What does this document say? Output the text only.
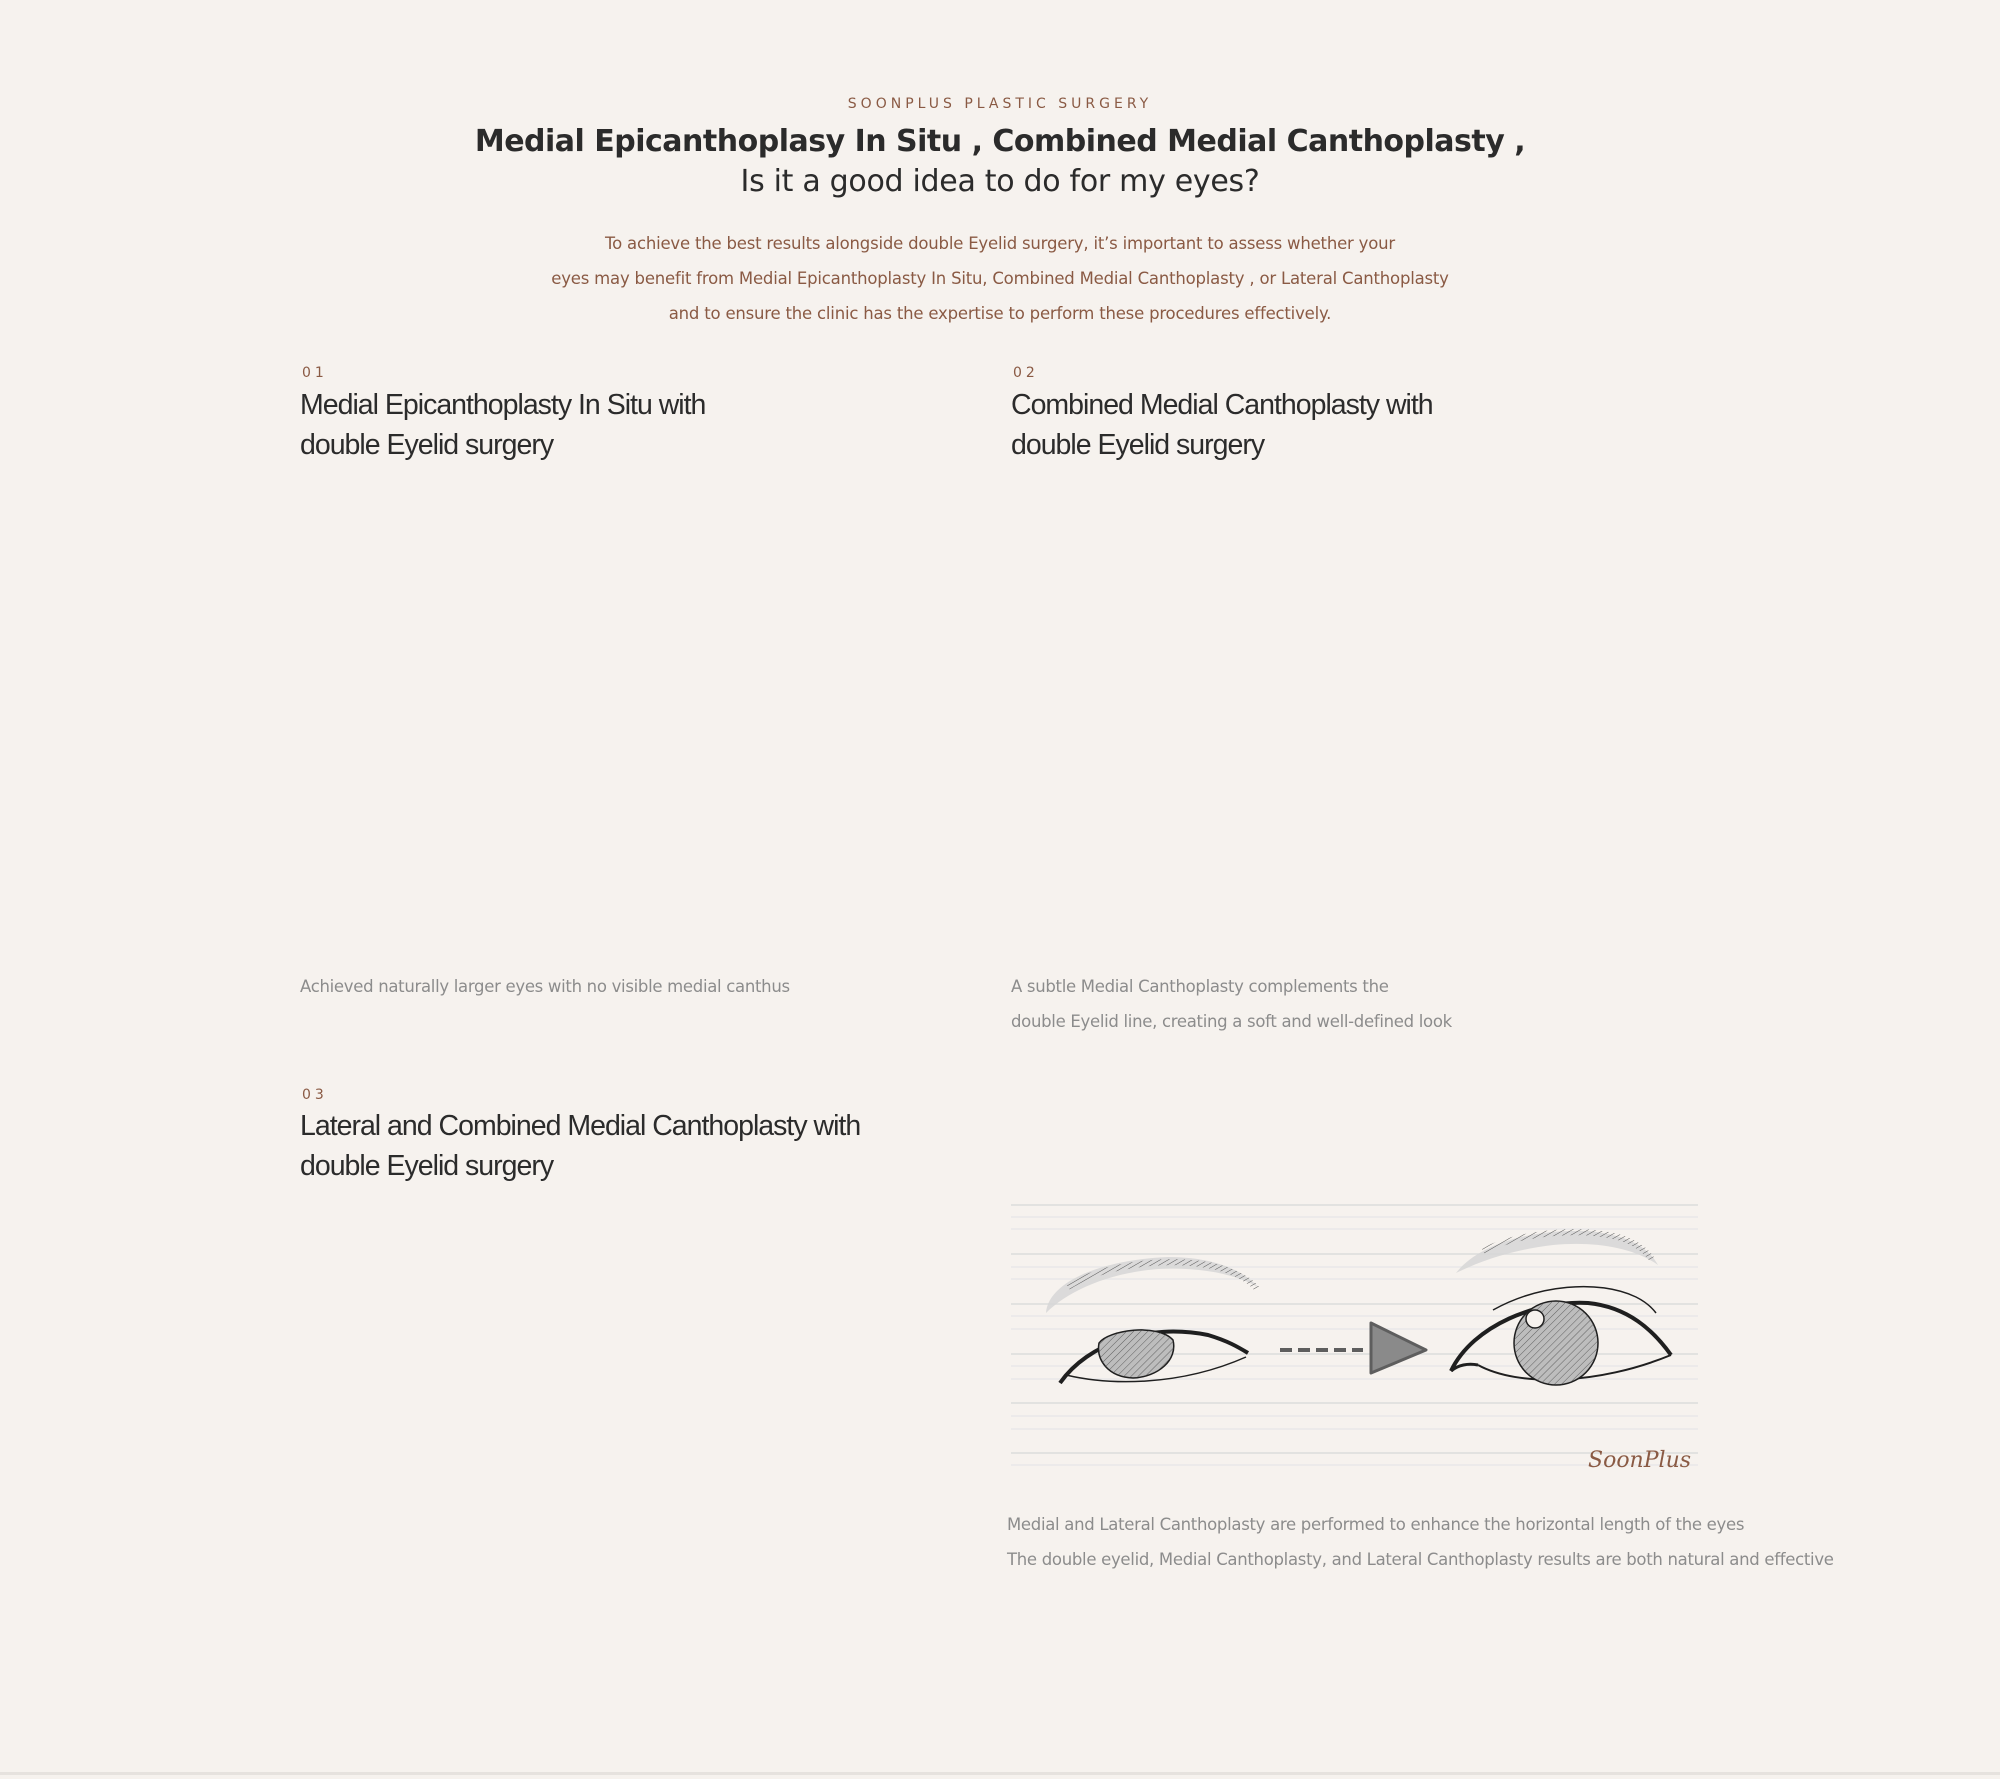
SOONPLUS PLASTIC SURGERY
Medial Epicanthoplasy In Situ , Combined Medial Canthoplasty ,
Is it a good idea to do for my eyes?
To achieve the best results alongside double Eyelid surgery, it’s important to assess whether your
eyes may benefit from Medial Epicanthoplasty In Situ, Combined Medial Canthoplasty , or Lateral Canthoplasty
and to ensure the clinic has the expertise to perform these procedures effectively.
01
Medial Epicanthoplasty In Situ with
double Eyelid surgery
Achieved naturally larger eyes with no visible medial canthus
02
Combined Medial Canthoplasty with
double Eyelid surgery
A subtle Medial Canthoplasty complements the
double Eyelid line, creating a soft and well-defined look
03
Lateral and Combined Medial Canthoplasty with
double Eyelid surgery
SoonPlus
Medial and Lateral Canthoplasty are performed to enhance the horizontal length of the eyes
The double eyelid, Medial Canthoplasty, and Lateral Canthoplasty results are both natural and effective
